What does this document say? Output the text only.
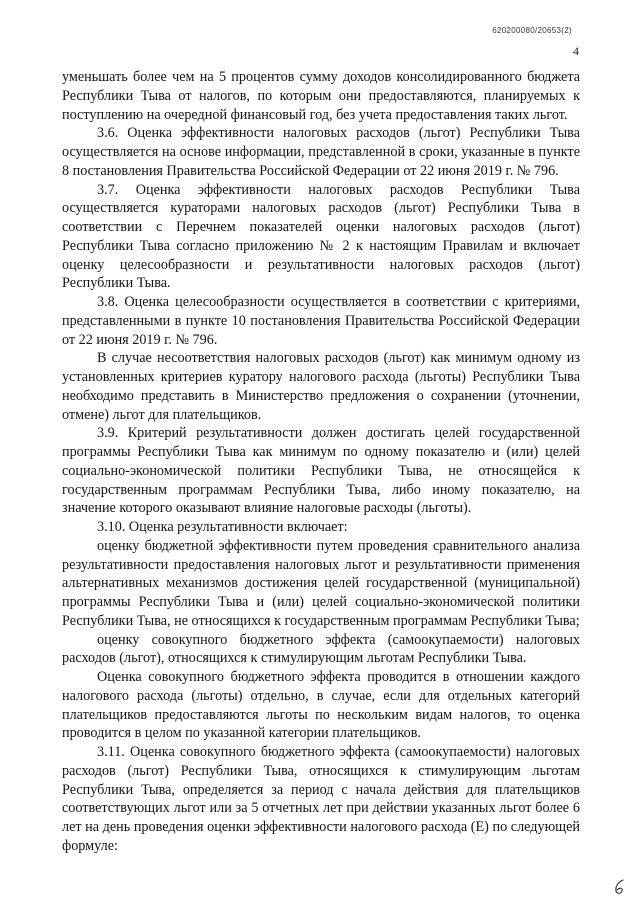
620200080/20653(2)
4

уменьшать более чем на 5 процентов сумму доходов консолидированного бюджета Республики Тыва от налогов, по которым они предоставляются, планируемых к поступлению на очередной финансовый год, без учета предоставления таких льгот.

3.6. Оценка эффективности налоговых расходов (льгот) Республики Тыва осуществляется на основе информации, представленной в сроки, указанные в пункте 8 постановления Правительства Российской Федерации от 22 июня 2019 г. № 796.

3.7. Оценка эффективности налоговых расходов Республики Тыва осуществляется кураторами налоговых расходов (льгот) Республики Тыва в соответствии с Перечнем показателей оценки налоговых расходов (льгот) Республики Тыва согласно приложению № 2 к настоящим Правилам и включает оценку целесообразности и результативности налоговых расходов (льгот) Республики Тыва.

3.8. Оценка целесообразности осуществляется в соответствии с критериями, представленными в пункте 10 постановления Правительства Российской Федерации от 22 июня 2019 г. № 796.

В случае несоответствия налоговых расходов (льгот) как минимум одному из установленных критериев куратору налогового расхода (льготы) Республики Тыва необходимо представить в Министерство предложения о сохранении (уточнении, отмене) льгот для плательщиков.

3.9. Критерий результативности должен достигать целей государственной программы Республики Тыва как минимум по одному показателю и (или) целей социально-экономической политики Республики Тыва, не относящейся к государственным программам Республики Тыва, либо иному показателю, на значение которого оказывают влияние налоговые расходы (льготы).

3.10. Оценка результативности включает:

оценку бюджетной эффективности путем проведения сравнительного анализа результативности предоставления налоговых льгот и результативности применения альтернативных механизмов достижения целей государственной (муниципальной) программы Республики Тыва и (или) целей социально-экономической политики Республики Тыва, не относящихся к государственным программам Республики Тыва;

оценку совокупного бюджетного эффекта (самоокупаемости) налоговых расходов (льгот), относящихся к стимулирующим льготам Республики Тыва.

Оценка совокупного бюджетного эффекта проводится в отношении каждого налогового расхода (льготы) отдельно, в случае, если для отдельных категорий плательщиков предоставляются льготы по нескольким видам налогов, то оценка проводится в целом по указанной категории плательщиков.

3.11. Оценка совокупного бюджетного эффекта (самоокупаемости) налоговых расходов (льгот) Республики Тыва, относящихся к стимулирующим льготам Республики Тыва, определяется за период с начала действия для плательщиков соответствующих льгот или за 5 отчетных лет при действии указанных льгот более 6 лет на день проведения оценки эффективности налогового расхода (Е) по следующей формуле:
